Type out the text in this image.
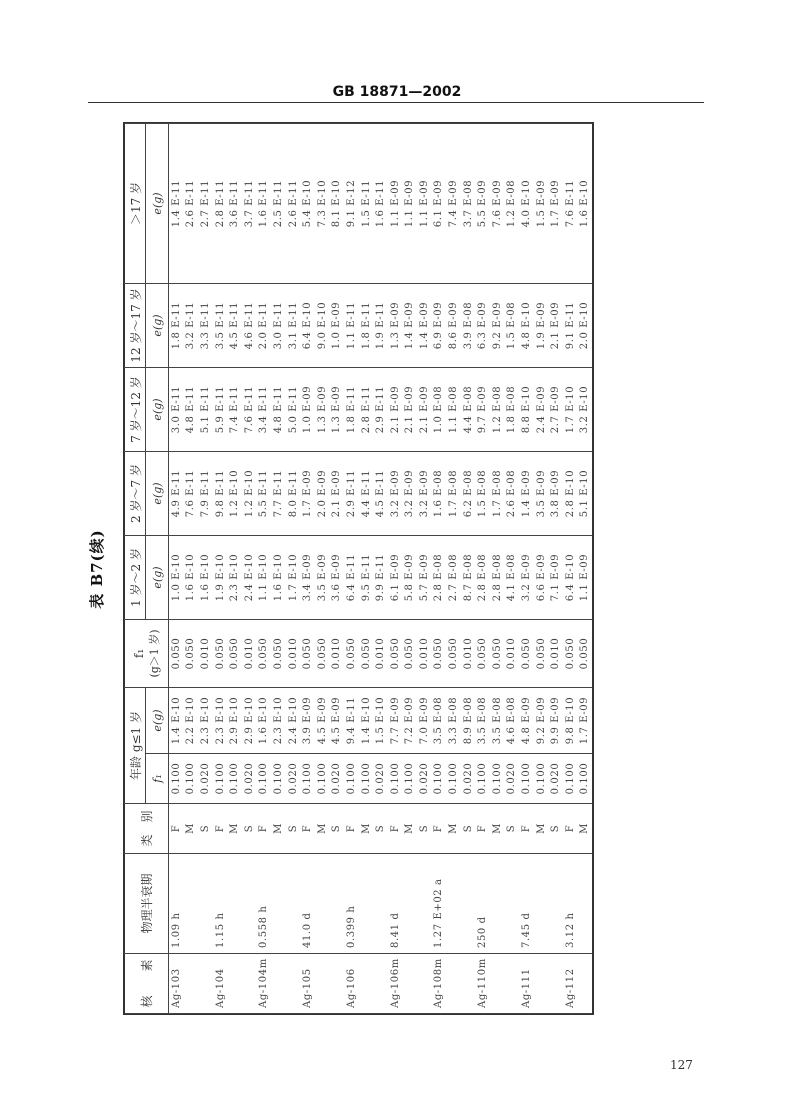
GB 18871—2002
表 B7(续)
核　　素	物理半衰期	类　别	年龄 g≤1 岁		f₁ (g＞1 岁)	1 岁～2 岁	2 岁～7 岁	7 岁～12 岁	12 岁～17 岁	＞17 岁
			f₁	e(g)		e(g)	e(g)	e(g)	e(g)	e(g)
Ag-103	1.09 h	F	0.100	1.4 E-10	0.050	1.0 E-10	4.9 E-11	3.0 E-11	1.8 E-11	1.4 E-11
		M	0.100	2.2 E-10	0.050	1.6 E-10	7.6 E-11	4.8 E-11	3.2 E-11	2.6 E-11
		S	0.020	2.3 E-10	0.010	1.6 E-10	7.9 E-11	5.1 E-11	3.3 E-11	2.7 E-11
Ag-104	1.15 h	F	0.100	2.3 E-10	0.050	1.9 E-10	9.8 E-11	5.9 E-11	3.5 E-11	2.8 E-11
		M	0.100	2.9 E-10	0.050	2.3 E-10	1.2 E-10	7.4 E-11	4.5 E-11	3.6 E-11
		S	0.020	2.9 E-10	0.010	2.4 E-10	1.2 E-10	7.6 E-11	4.6 E-11	3.7 E-11
Ag-104m	0.558 h	F	0.100	1.6 E-10	0.050	1.1 E-10	5.5 E-11	3.4 E-11	2.0 E-11	1.6 E-11
		M	0.100	2.3 E-10	0.050	1.6 E-10	7.7 E-11	4.8 E-11	3.0 E-11	2.5 E-11
		S	0.020	2.4 E-10	0.010	1.7 E-10	8.0 E-11	5.0 E-11	3.1 E-11	2.6 E-11
Ag-105	41.0 d	F	0.100	3.9 E-09	0.050	3.4 E-09	1.7 E-09	1.0 E-09	6.4 E-10	5.4 E-10
		M	0.100	4.5 E-09	0.050	3.5 E-09	2.0 E-09	1.3 E-09	9.0 E-10	7.3 E-10
		S	0.020	4.5 E-09	0.010	3.6 E-09	2.1 E-09	1.3 E-09	1.0 E-09	8.1 E-10
Ag-106	0.399 h	F	0.100	9.4 E-11	0.050	6.4 E-11	2.9 E-11	1.8 E-11	1.1 E-11	9.1 E-12
		M	0.100	1.4 E-10	0.050	9.5 E-11	4.4 E-11	2.8 E-11	1.8 E-11	1.5 E-11
		S	0.020	1.5 E-10	0.010	9.9 E-11	4.5 E-11	2.9 E-11	1.9 E-11	1.6 E-11
Ag-106m	8.41 d	F	0.100	7.7 E-09	0.050	6.1 E-09	3.2 E-09	2.1 E-09	1.3 E-09	1.1 E-09
		M	0.100	7.2 E-09	0.050	5.8 E-09	3.2 E-09	2.1 E-09	1.4 E-09	1.1 E-09
		S	0.020	7.0 E-09	0.010	5.7 E-09	3.2 E-09	2.1 E-09	1.4 E-09	1.1 E-09
Ag-108m	1.27 E+02 a	F	0.100	3.5 E-08	0.050	2.8 E-08	1.6 E-08	1.0 E-08	6.9 E-09	6.1 E-09
		M	0.100	3.3 E-08	0.050	2.7 E-08	1.7 E-08	1.1 E-08	8.6 E-09	7.4 E-09
		S	0.020	8.9 E-08	0.010	8.7 E-08	6.2 E-08	4.4 E-08	3.9 E-08	3.7 E-08
Ag-110m	250 d	F	0.100	3.5 E-08	0.050	2.8 E-08	1.5 E-08	9.7 E-09	6.3 E-09	5.5 E-09
		M	0.100	3.5 E-08	0.050	2.8 E-08	1.7 E-08	1.2 E-08	9.2 E-09	7.6 E-09
		S	0.020	4.6 E-08	0.010	4.1 E-08	2.6 E-08	1.8 E-08	1.5 E-08	1.2 E-08
Ag-111	7.45 d	F	0.100	4.8 E-09	0.050	3.2 E-09	1.4 E-09	8.8 E-10	4.8 E-10	4.0 E-10
		M	0.100	9.2 E-09	0.050	6.6 E-09	3.5 E-09	2.4 E-09	1.9 E-09	1.5 E-09
		S	0.020	9.9 E-09	0.010	7.1 E-09	3.8 E-09	2.7 E-09	2.1 E-09	1.7 E-09
Ag-112	3.12 h	F	0.100	9.8 E-10	0.050	6.4 E-10	2.8 E-10	1.7 E-10	9.1 E-11	7.6 E-11
		M	0.100	1.7 E-09	0.050	1.1 E-09	5.1 E-10	3.2 E-10	2.0 E-10	1.6 E-10
127
